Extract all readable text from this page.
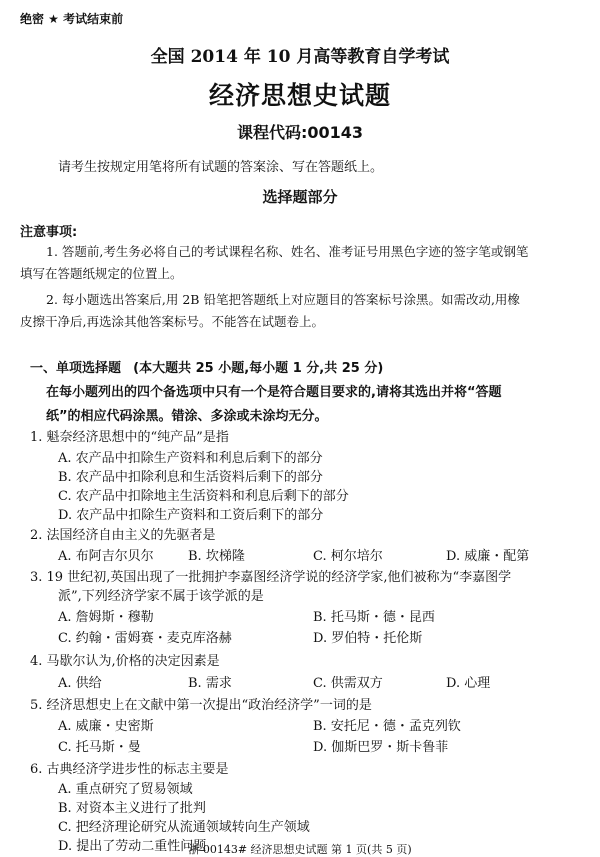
绝密 ★ 考试结束前
全国 2014 年 10 月高等教育自学考试
经济思想史试题
课程代码:00143
请考生按规定用笔将所有试题的答案涂、写在答题纸上。
选择题部分
注意事项:
1. 答题前,考生务必将自己的考试课程名称、姓名、准考证号用黑色字迹的签字笔或钢笔
填写在答题纸规定的位置上。
2. 每小题选出答案后,用 2B 铅笔把答题纸上对应题目的答案标号涂黑。如需改动,用橡
皮擦干净后,再选涂其他答案标号。不能答在试题卷上。
一、单项选择题 (本大题共 25 小题,每小题 1 分,共 25 分)
在每小题列出的四个备选项中只有一个是符合题目要求的,请将其选出并将“答题
纸”的相应代码涂黑。错涂、多涂或未涂均无分。
1. 魁奈经济思想中的“纯产品”是指
A. 农产品中扣除生产资料和利息后剩下的部分
B. 农产品中扣除利息和生活资料后剩下的部分
C. 农产品中扣除地主生活资料和利息后剩下的部分
D. 农产品中扣除生产资料和工资后剩下的部分
2. 法国经济自由主义的先驱者是
A. 布阿吉尔贝尔	B. 坎梯隆	C. 柯尔培尔	D. 威廉・配第
3. 19 世纪初,英国出现了一批拥护李嘉图经济学说的经济学家,他们被称为“李嘉图学
派”,下列经济学家不属于该学派的是
A. 詹姆斯・穆勒	B. 托马斯・德・昆西
C. 约翰・雷姆赛・麦克库洛赫	D. 罗伯特・托伦斯
4. 马歇尔认为,价格的决定因素是
A. 供给	B. 需求	C. 供需双方	D. 心理
5. 经济思想史上在文献中第一次提出“政治经济学”一词的是
A. 威廉・史密斯	B. 安托尼・德・孟克列钦
C. 托马斯・曼	D. 伽斯巴罗・斯卡鲁菲
6. 古典经济学进步性的标志主要是
A. 重点研究了贸易领域
B. 对资本主义进行了批判
C. 把经济理论研究从流通领域转向生产领域
D. 提出了劳动二重性问题
浙 00143# 经济思想史试题 第 1 页(共 5 页)
